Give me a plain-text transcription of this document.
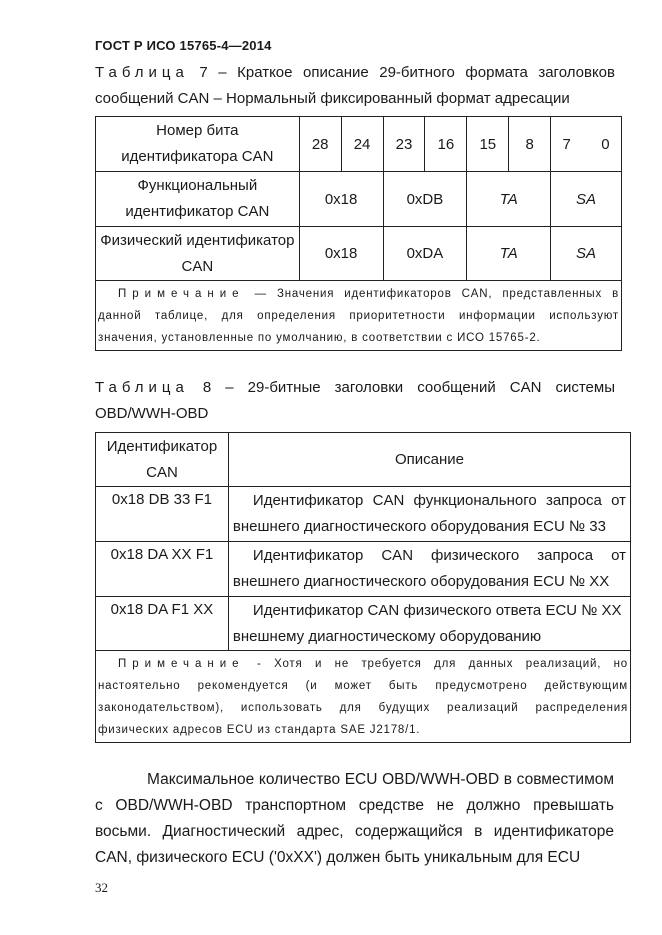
ГОСТ Р ИСО 15765-4—2014
Таблица 7 – Краткое описание 29-битного формата заголовков сообщений CAN – Нормальный фиксированный формат адресации
Номер бита идентификатора CAN	28	24	23	16	15	8	7 0
Функциональный идентификатор CAN	0x18		0xDB		TA		SA
Физический идентификатор CAN	0x18		0xDA		TA		SA
Примечание — Значения идентификаторов CAN, представленных в данной таблице, для определения приоритетности информации используют значения, установленные по умолчанию, в соответствии с ИСО 15765-2.							
Таблица 8 – 29-битные заголовки сообщений CAN системы OBD/WWH-OBD
Идентификатор CAN	Описание
0x18 DB 33 F1	Идентификатор CAN функционального запроса от внешнего диагностического оборудования ECU № 33
0x18 DA XX F1	Идентификатор CAN физического запроса от внешнего диагностического оборудования ECU № XX
0x18 DA F1 XX	Идентификатор CAN физического ответа ECU № XX внешнему диагностическому оборудованию
Примечание - Хотя и не требуется для данных реализаций, но настоятельно рекомендуется (и может быть предусмотрено действующим законодательством), использовать для будущих реализаций распределения физических адресов ECU из стандарта SAE J2178/1.	
Максимальное количество ECU OBD/WWH-OBD в совместимом с OBD/WWH-OBD транспортном средстве не должно превышать восьми. Диагностический адрес, содержащийся в идентификаторе CAN, физического ECU ('0xXX') должен быть уникальным для ECU
32
